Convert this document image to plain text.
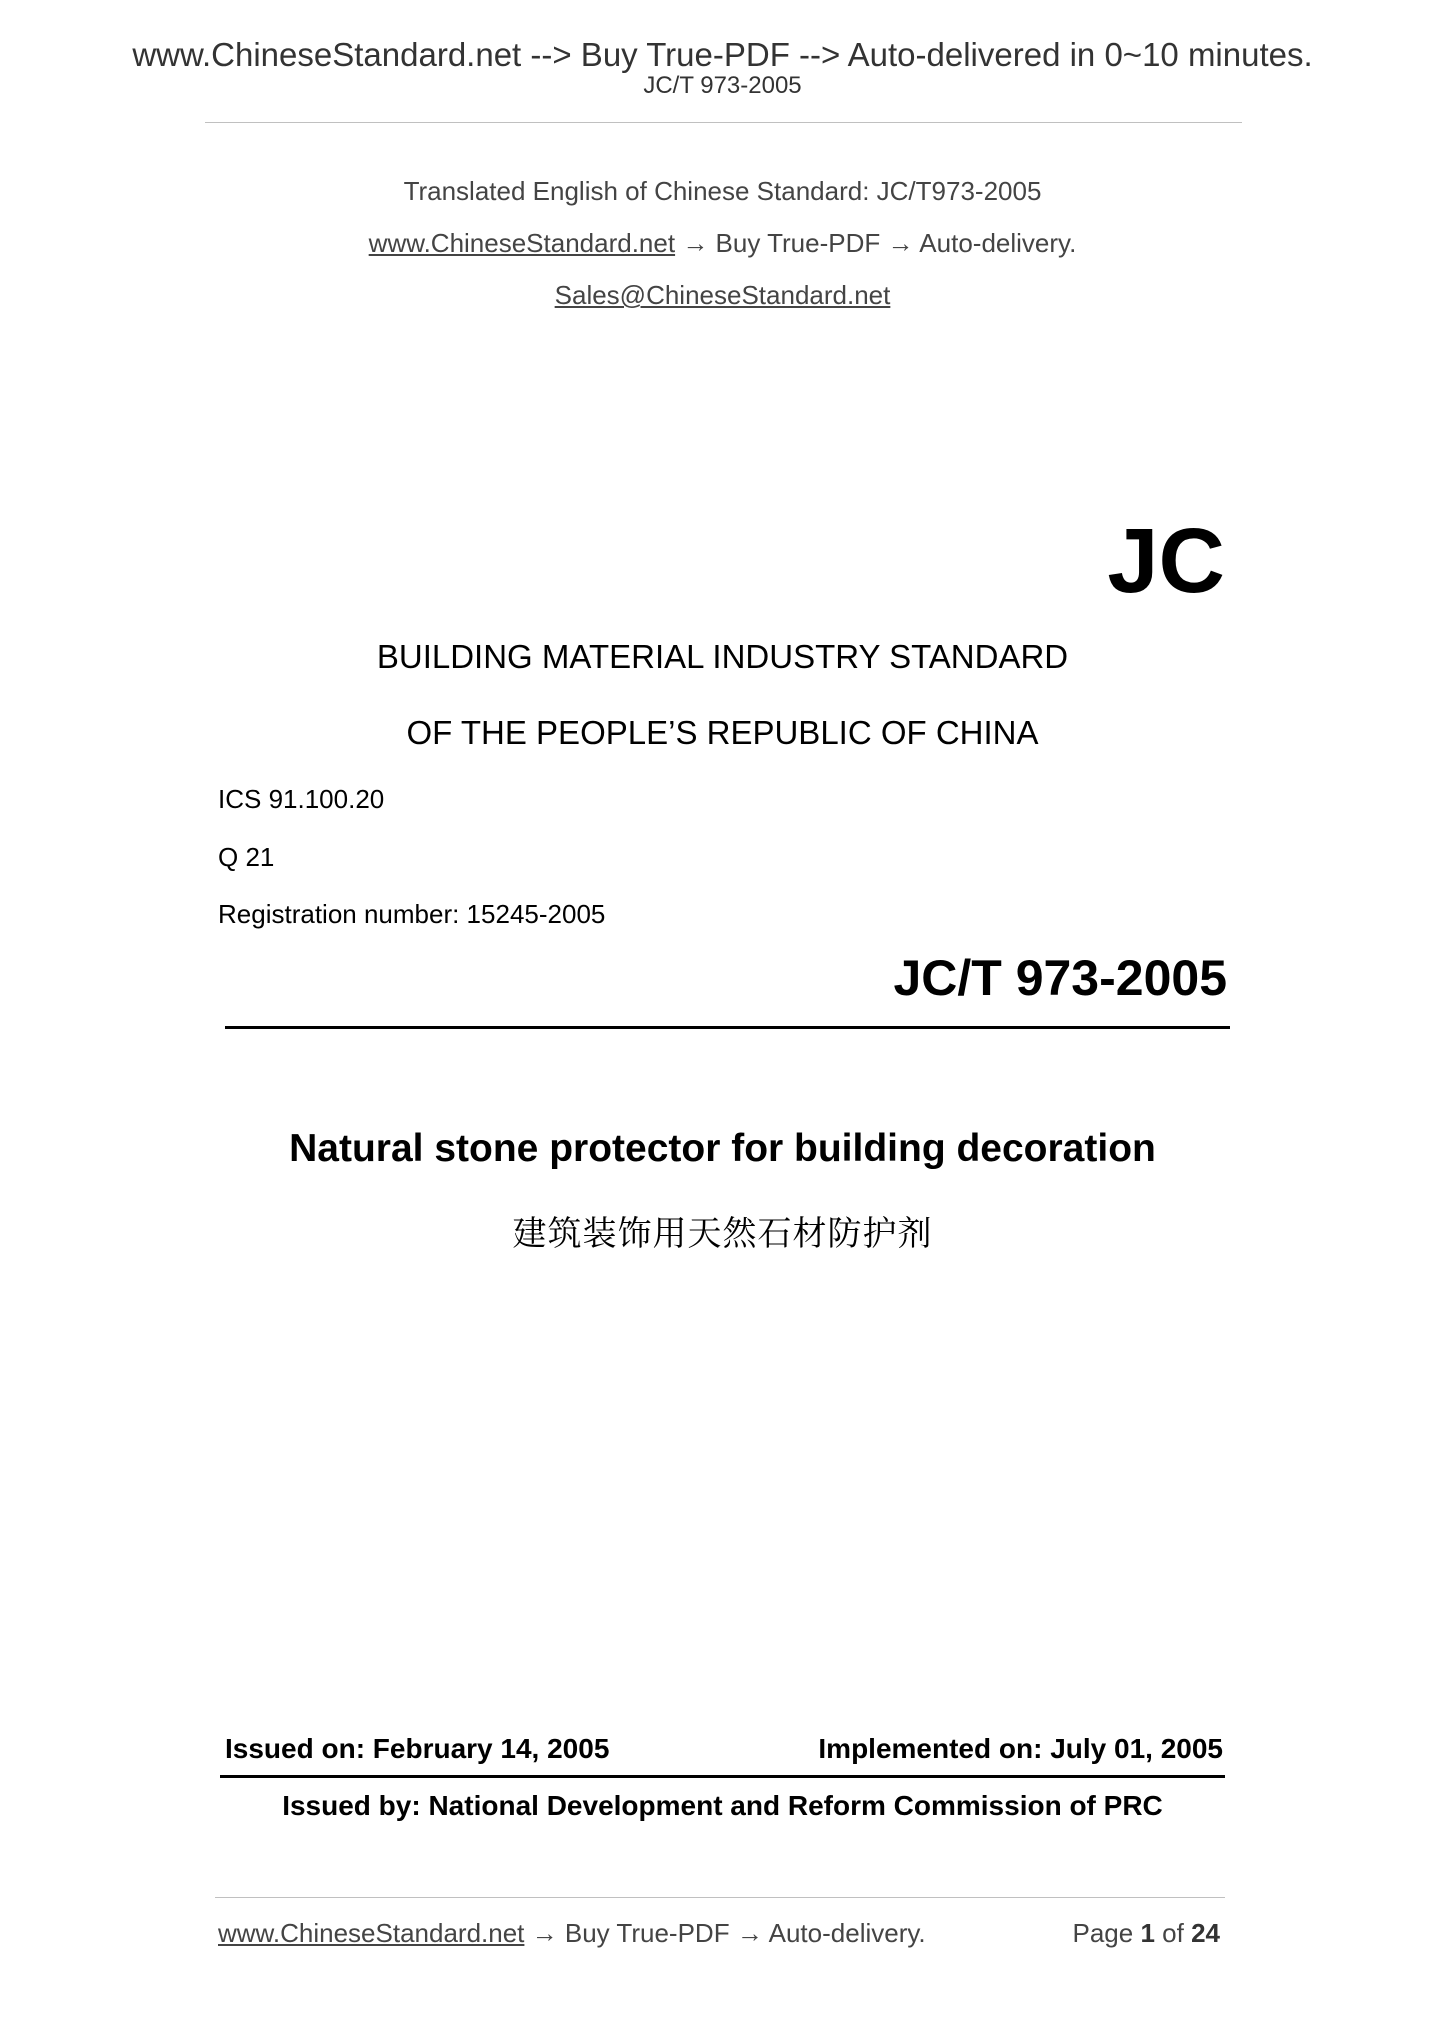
www.ChineseStandard.net --> Buy True-PDF --> Auto-delivered in 0~10 minutes.
JC/T 973-2005
Translated English of Chinese Standard: JC/T973-2005
www.ChineseStandard.net → Buy True-PDF → Auto-delivery.
Sales@ChineseStandard.net
JC
BUILDING MATERIAL INDUSTRY STANDARD
OF THE PEOPLE’S REPUBLIC OF CHINA
ICS 91.100.20
Q 21
Registration number: 15245-2005
JC/T 973-2005
Natural stone protector for building decoration
建筑装饰用天然石材防护剂
Issued on: February 14, 2005	Implemented on: July 01, 2005
Issued by: National Development and Reform Commission of PRC
www.ChineseStandard.net → Buy True-PDF → Auto-delivery.	Page 1 of 24
